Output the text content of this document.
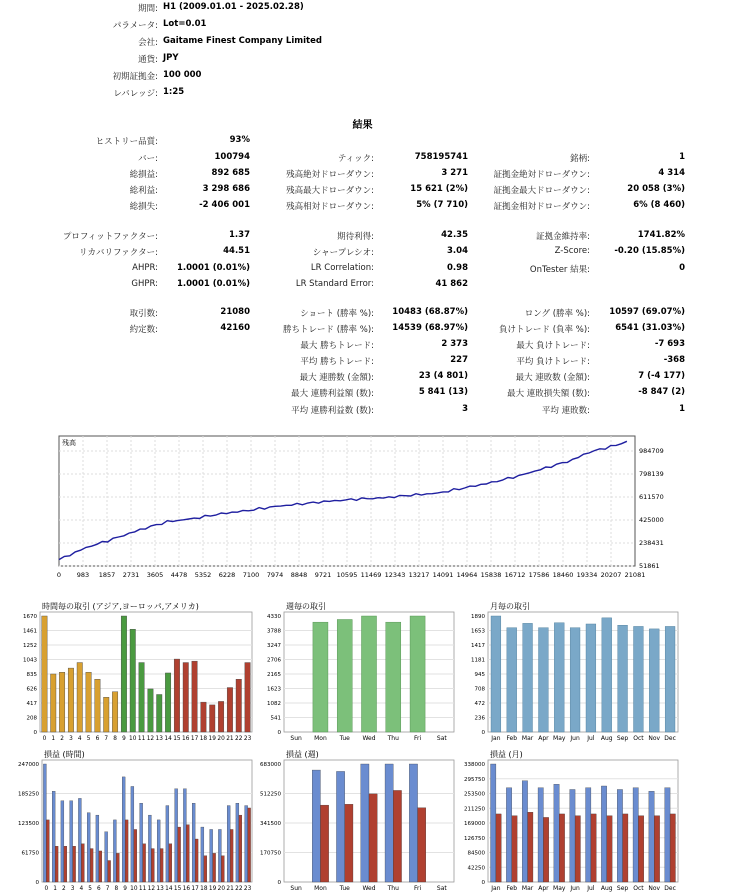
期間: H1 (2009.01.01 - 2025.02.28)
パラメータ: Lot=0.01
会社: Gaitame Finest Company Limited
通貨: JPY
初期証拠金: 100 000
レバレッジ: 1:25
結果
ヒストリー品質:	93%
バー:	100794	ティック:	758195741	銘柄:	1
総損益:	892 685	残高絶対ドローダウン:	3 271	証拠金絶対ドローダウン:	4 314
総利益:	3 298 686	残高最大ドローダウン:	15 621 (2%)	証拠金最大ドローダウン:	20 058 (3%)
総損失:	-2 406 001	残高相対ドローダウン:	5% (7 710)	証拠金相対ドローダウン:	6% (8 460)
プロフィットファクター:	1.37	期待利得:	42.35	証拠金維持率:	1741.82%
リカバリファクター:	44.51	シャープレシオ:	3.04	Z-Score:	-0.20 (15.85%)
AHPR:	1.0001 (0.01%)	LR Correlation:	0.98	OnTester 結果:	0
GHPR:	1.0001 (0.01%)	LR Standard Error:	41 862
取引数:	21080	ショート (勝率 %):	10483 (68.87%)	ロング (勝率 %):	10597 (69.07%)
約定数:	42160	勝ちトレード (勝率 %):	14539 (68.97%)	負けトレード (負率 %):	6541 (31.03%)
最大 勝ちトレード:	2 373	最大 負けトレード:	-7 693
平均 勝ちトレード:	227	平均 負けトレード:	-368
最大 連勝数 (金額):	23 (4 801)	最大 連敗数 (金額):	7 (-4 177)
最大 連勝利益額 (数):	5 841 (13)	最大 連敗損失額 (数):	-8 847 (2)
平均 連勝利益数 (数):	3	平均 連敗数:	1
0 983 1857 2731 3605 4478 5352 6228 7100 7974 8848 9721 10595 11469 12343 13217 14091 14964 15838 16712 17586 18460 19334 20207 21081
984709
798139
611570
425000
238431
51861
残高
時間毎の取引 (アジア,ヨーロッパ,アメリカ)
1670
1461
1252
1043
835
626
417
208
0
0 1 2 3 4 5 6 7 8 9 10 11 12 13 14 15 16 17 18 19 20 21 22 23
週毎の取引
4330
3788
3247
2706
2165
1623
1082
541
0
Sun Mon Tue Wed Thu	Fri	Sat
月毎の取引
1890
1653
1417
1181
945
708
472
236
0
Jan Feb Mar Apr May Jun Jul Aug Sep Oct Nov Dec
損益 (時間)
247000
185250
123500
61750
0
0 1 2 3 4 5 6 7 8 9 10 11 12 13 14 15 16 17 18 19 20 21 22 23
損益 (週)
683000
512250
341500
170750
0
Sun Mon Tue Wed Thu	Fri	Sat
損益 (月)
338000
295750
253500
211250
169000
126750
84500
42250
0
Jan Feb Mar Apr May Jun Jul Aug Sep Oct Nov Dec
